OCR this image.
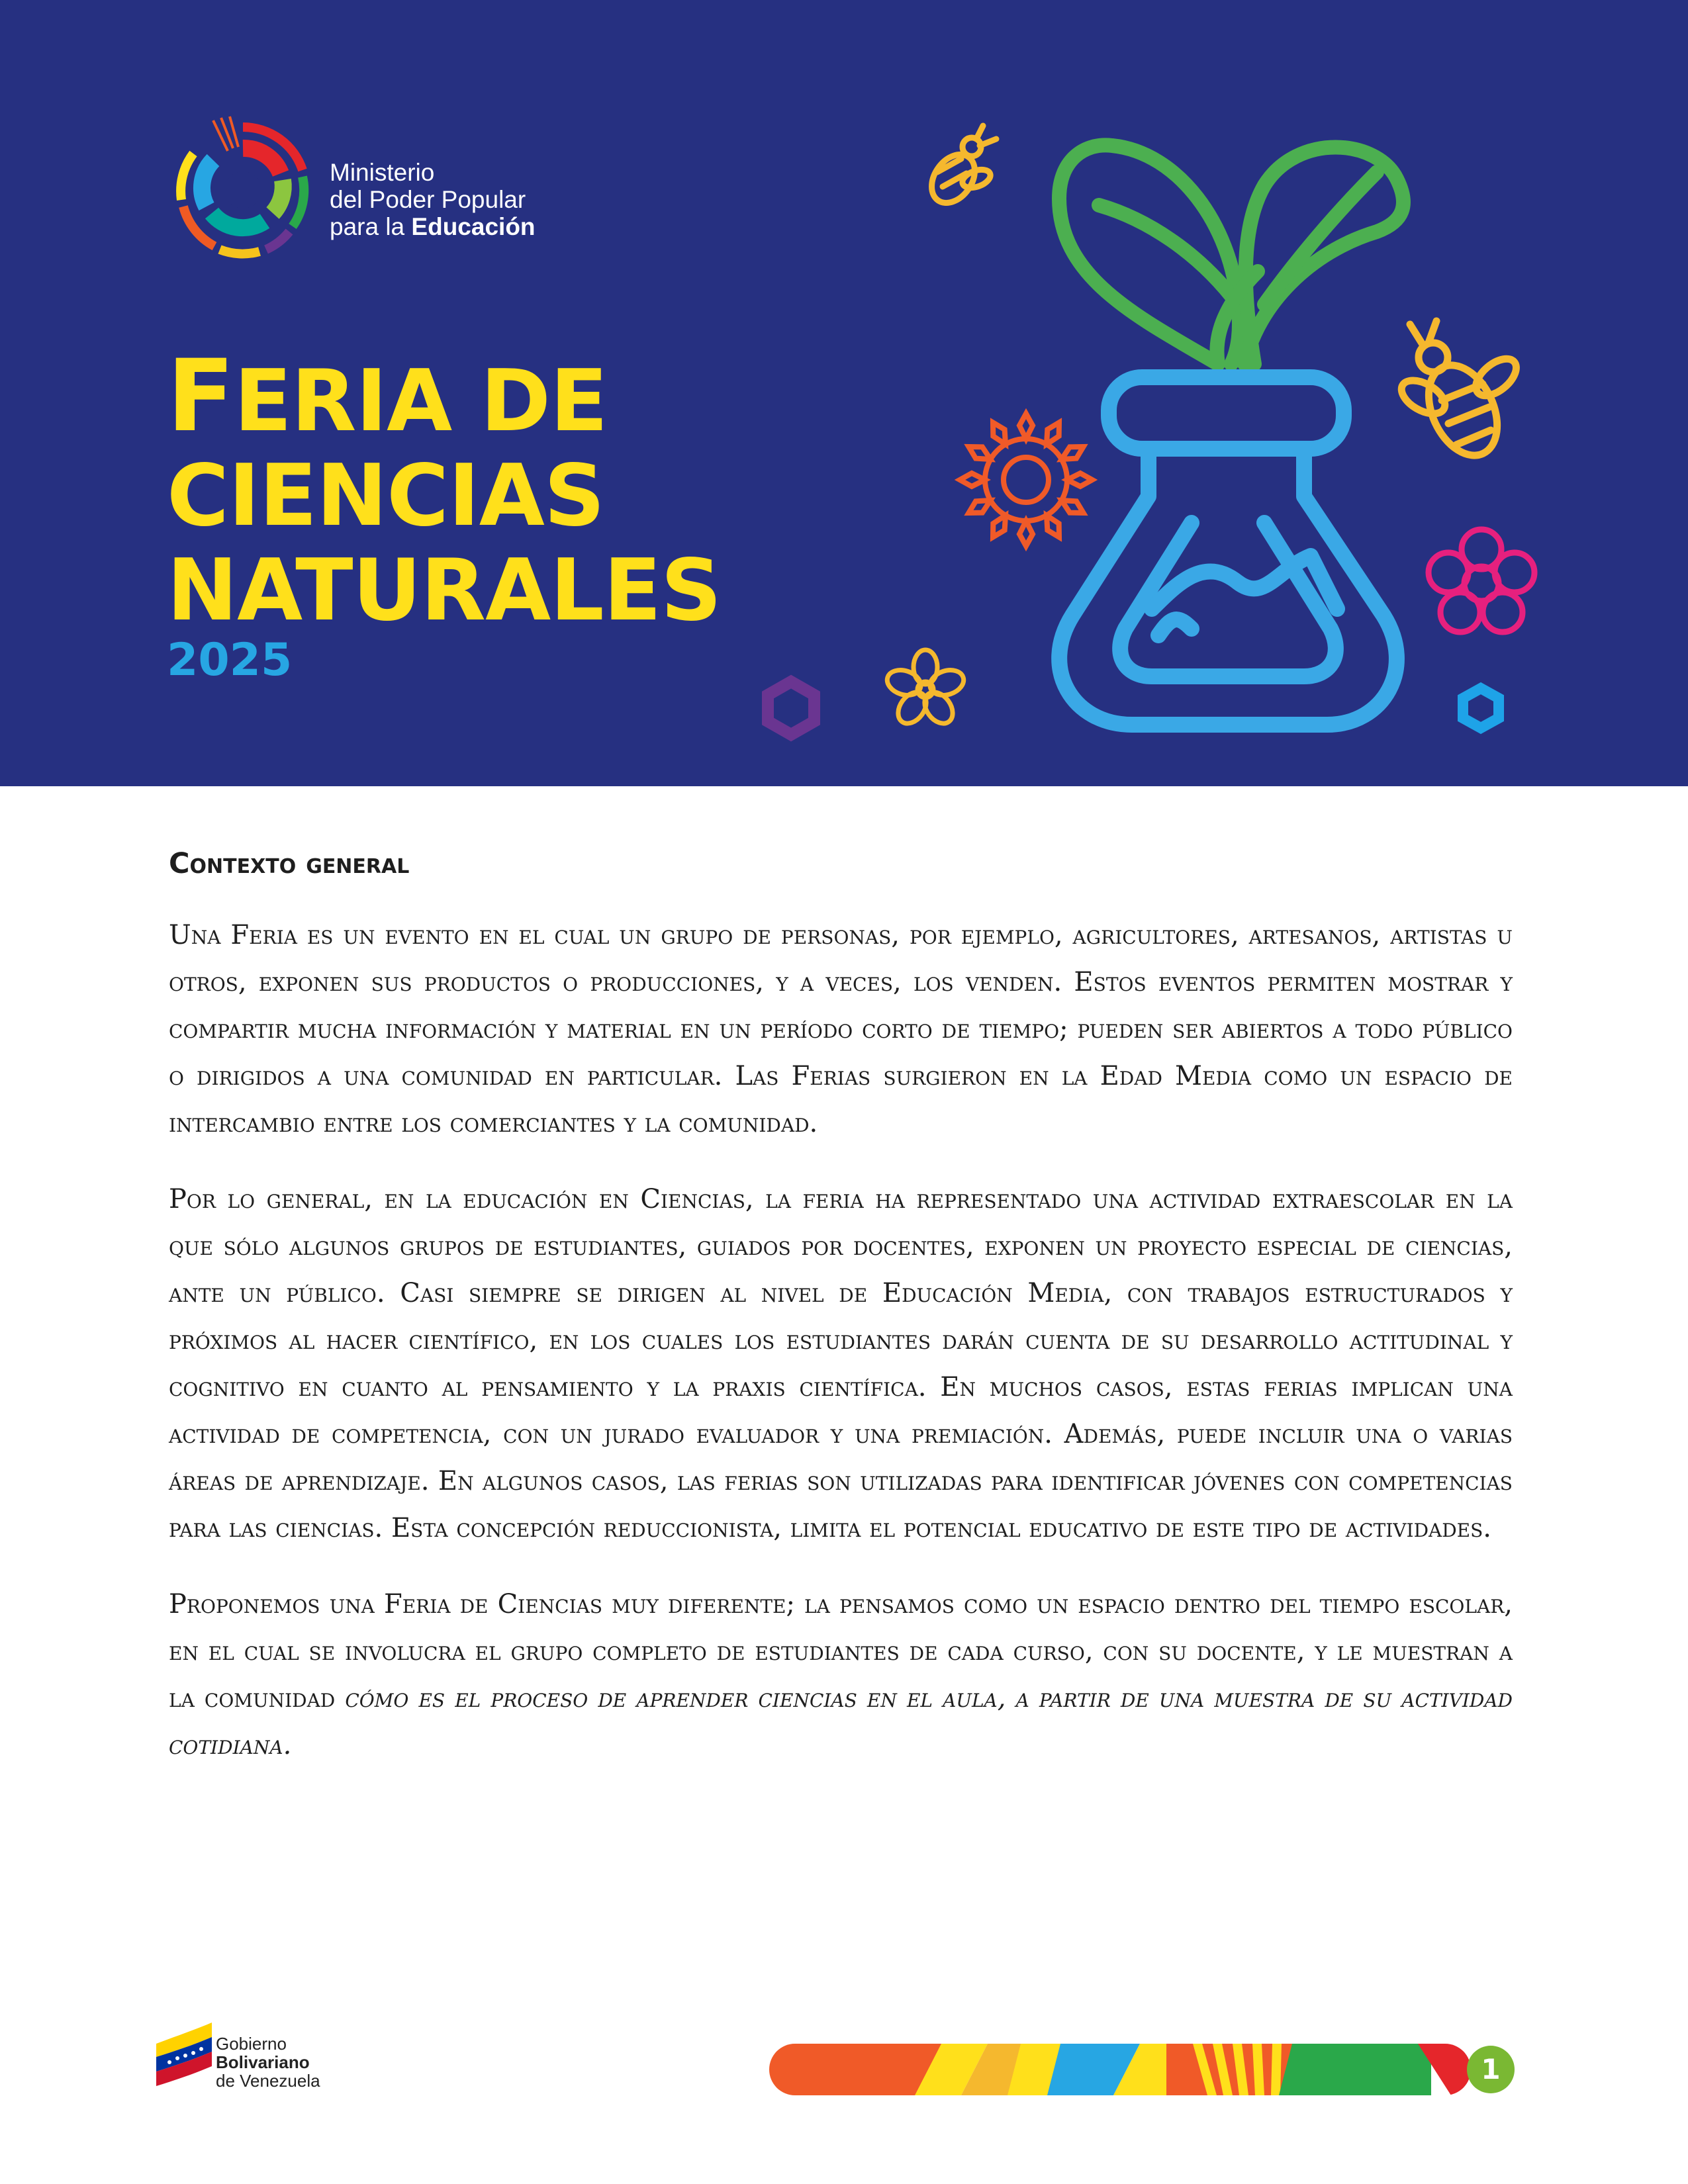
Ministerio
del Poder Popular
para la Educación
FERIA DE
CIENCIAS
NATURALES
2025
Contexto general

Una Feria es un evento en el cual un grupo de personas, por ejemplo, agricultores, artesanos, artistas u otros, exponen sus productos o producciones, y a veces, los venden. Estos eventos permiten mostrar y compartir mucha información y material en un período corto de tiempo; pueden ser abiertos a todo público o dirigidos a una comunidad en particular. Las Ferias surgieron en la Edad Media como un espacio de intercambio entre los comerciantes y la comunidad.

Por lo general, en la educación en Ciencias, la feria ha representado una actividad extraescolar en la que sólo algunos grupos de estudiantes, guiados por docentes, exponen un proyecto especial de ciencias, ante un público. Casi siempre se dirigen al nivel de Educación Media, con trabajos estructurados y próximos al hacer científico, en los cuales los estudiantes darán cuenta de su desarrollo actitudinal y cognitivo en cuanto al pensamiento y la praxis científica. En muchos casos, estas ferias implican una actividad de competencia, con un jurado evaluador y una premiación. Además, puede incluir una o varias áreas de aprendizaje. En algunos casos, las ferias son utilizadas para identificar jóvenes con competencias para las ciencias. Esta concepción reduccionista, limita el potencial educativo de este tipo de actividades.

Proponemos una Feria de Ciencias muy diferente; la pensamos como un espacio dentro del tiempo escolar, en el cual se involucra el grupo completo de estudiantes de cada curso, con su docente, y le muestran a la comunidad cómo es el proceso de aprender ciencias en el aula, a partir de una muestra de su actividad cotidiana.

Gobierno
Bolivariano
de Venezuela	1
